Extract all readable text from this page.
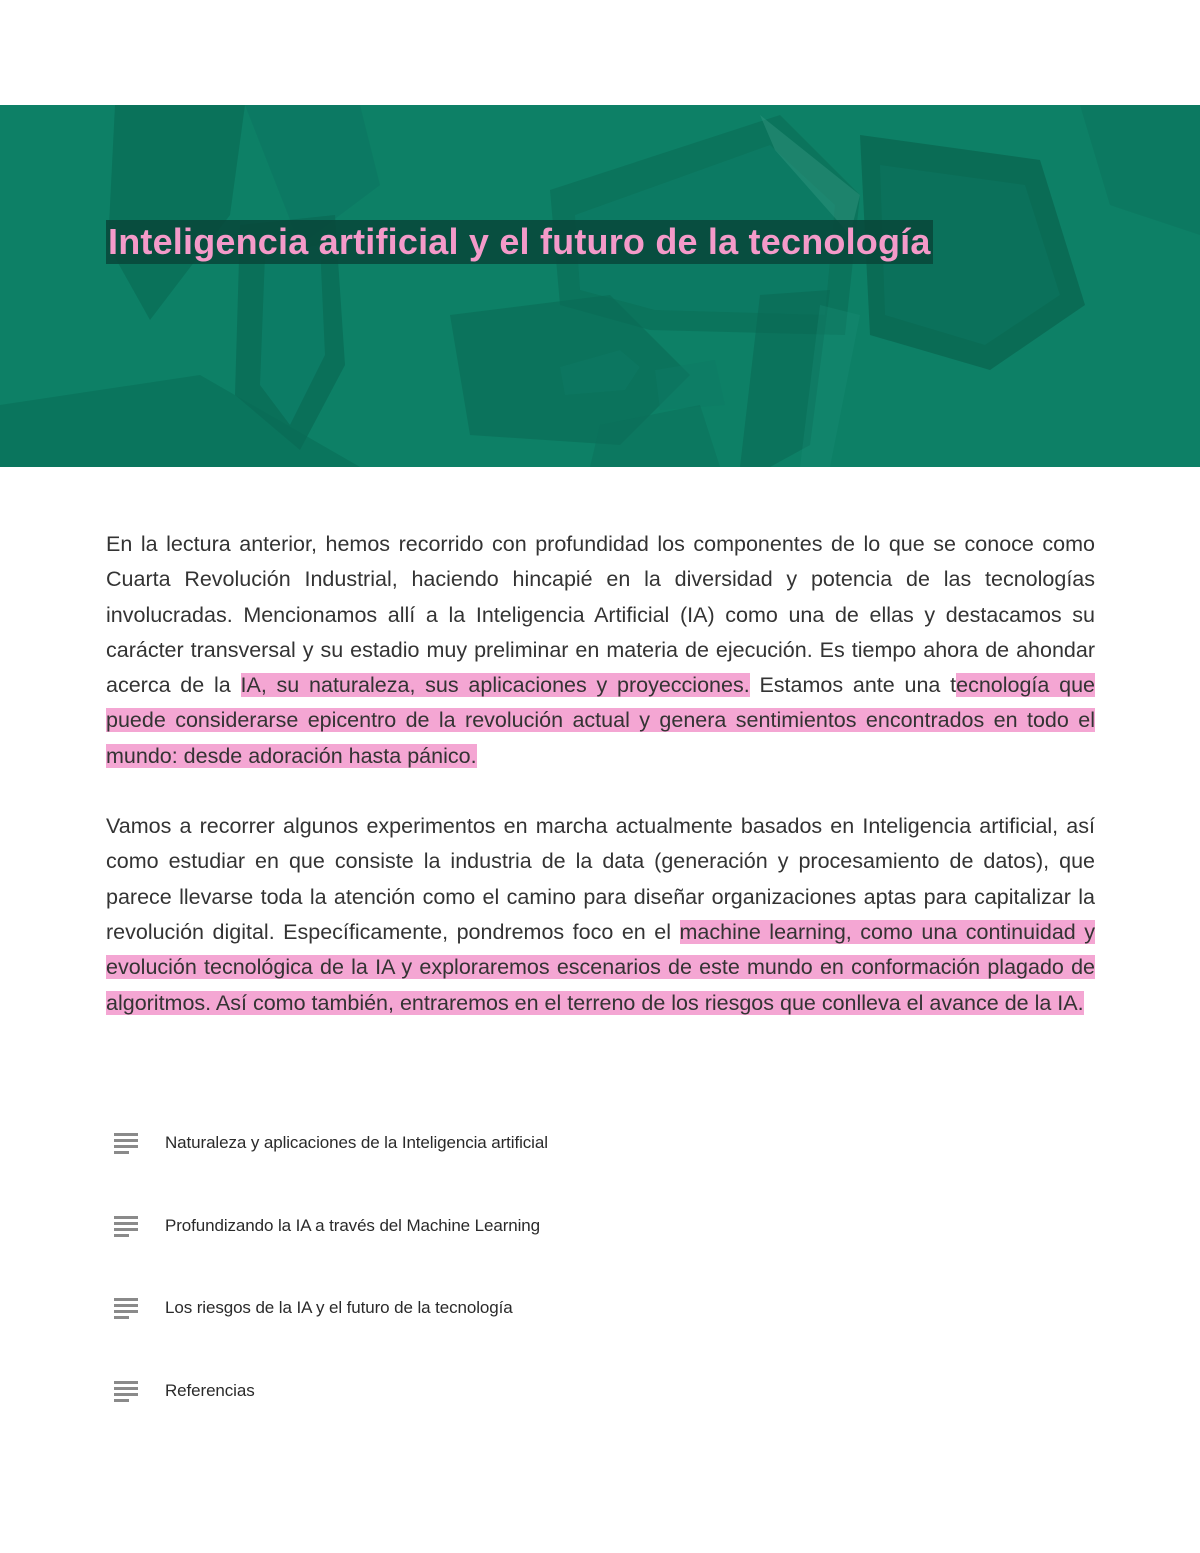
Inteligencia artificial y el futuro de la tecnología

En la lectura anterior, hemos recorrido con profundidad los componentes de lo que se conoce como Cuarta Revolución Industrial, haciendo hincapié en la diversidad y potencia de las tecnologías involucradas. Mencionamos allí a la Inteligencia Artificial (IA) como una de ellas y destacamos su carácter transversal y su estadio muy preliminar en materia de ejecución. Es tiempo ahora de ahondar acerca de la IA, su naturaleza, sus aplicaciones y proyecciones. Estamos ante una tecnología que puede considerarse epicentro de la revolución actual y genera sentimientos encontrados en todo el mundo: desde adoración hasta pánico.

Vamos a recorrer algunos experimentos en marcha actualmente basados en Inteligencia artificial, así como estudiar en que consiste la industria de la data (generación y procesamiento de datos), que parece llevarse toda la atención como el camino para diseñar organizaciones aptas para capitalizar la revolución digital. Específicamente, pondremos foco en el machine learning, como una continuidad y evolución tecnológica de la IA y exploraremos escenarios de este mundo en conformación plagado de algoritmos. Así como también, entraremos en el terreno de los riesgos que conlleva el avance de la IA.

Naturaleza y aplicaciones de la Inteligencia artificial
Profundizando la IA a través del Machine Learning
Los riesgos de la IA y el futuro de la tecnología
Referencias
